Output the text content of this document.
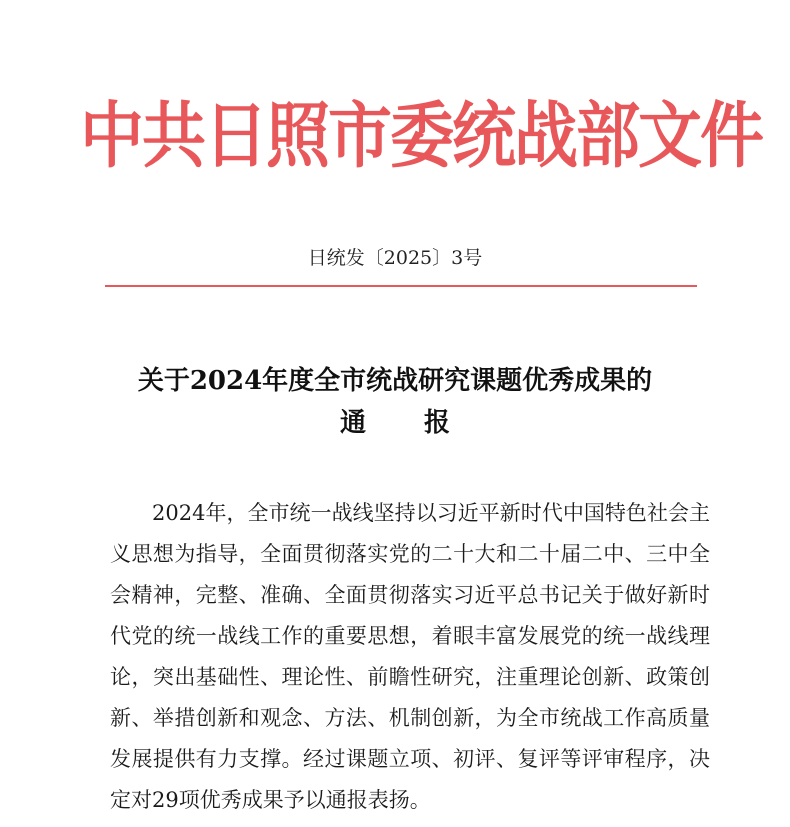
中共日照市委统战部文件
日统发〔2025〕3号
关于2024年度全市统战研究课题优秀成果的
通报

2024年，全市统一战线坚持以习近平新时代中国特色社会主义思想为指导，全面贯彻落实党的二十大和二十届二中、三中全会精神，完整、准确、全面贯彻落实习近平总书记关于做好新时代党的统一战线工作的重要思想，着眼丰富发展党的统一战线理论，突出基础性、理论性、前瞻性研究，注重理论创新、政策创新、举措创新和观念、方法、机制创新，为全市统战工作高质量发展提供有力支撑。经过课题立项、初评、复评等评审程序，决定对29项优秀成果予以通报表扬。
